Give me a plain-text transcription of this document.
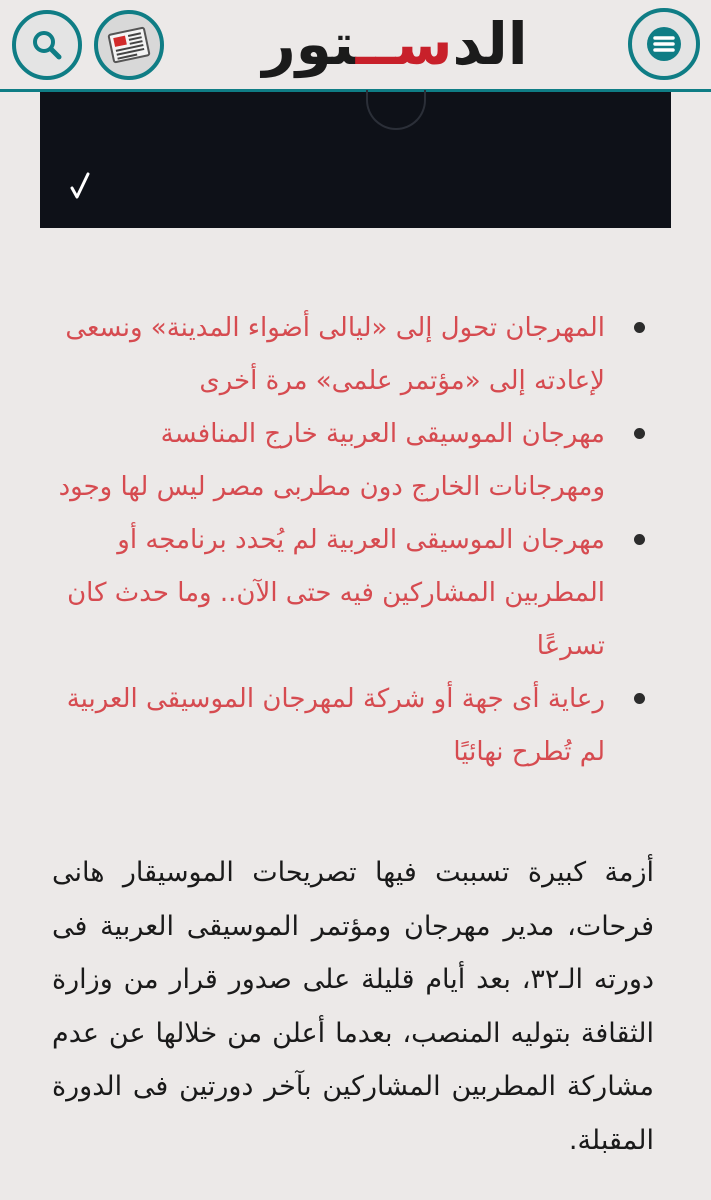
الدســتور
المهرجان تحول إلى «ليالى أضواء المدينة» ونسعى لإعادته إلى «مؤتمر علمى» مرة أخرى
مهرجان الموسيقى العربية خارج المنافسة ومهرجانات الخارج دون مطربى مصر ليس لها وجود
مهرجان الموسيقى العربية لم يُحدد برنامجه أو المطربين المشاركين فيه حتى الآن.. وما حدث كان تسرعًا
رعاية أى جهة أو شركة لمهرجان الموسيقى العربية لم تُطرح نهائيًا

أزمة كبيرة تسببت فيها تصريحات الموسيقار هانى فرحات، مدير مهرجان ومؤتمر الموسيقى العربية فى دورته الـ٣٢، بعد أيام قليلة على صدور قرار من وزارة الثقافة بتوليه المنصب، بعدما أعلن من خلالها عن عدم مشاركة المطربين المشاركين بآخر دورتين فى الدورة المقبلة.
